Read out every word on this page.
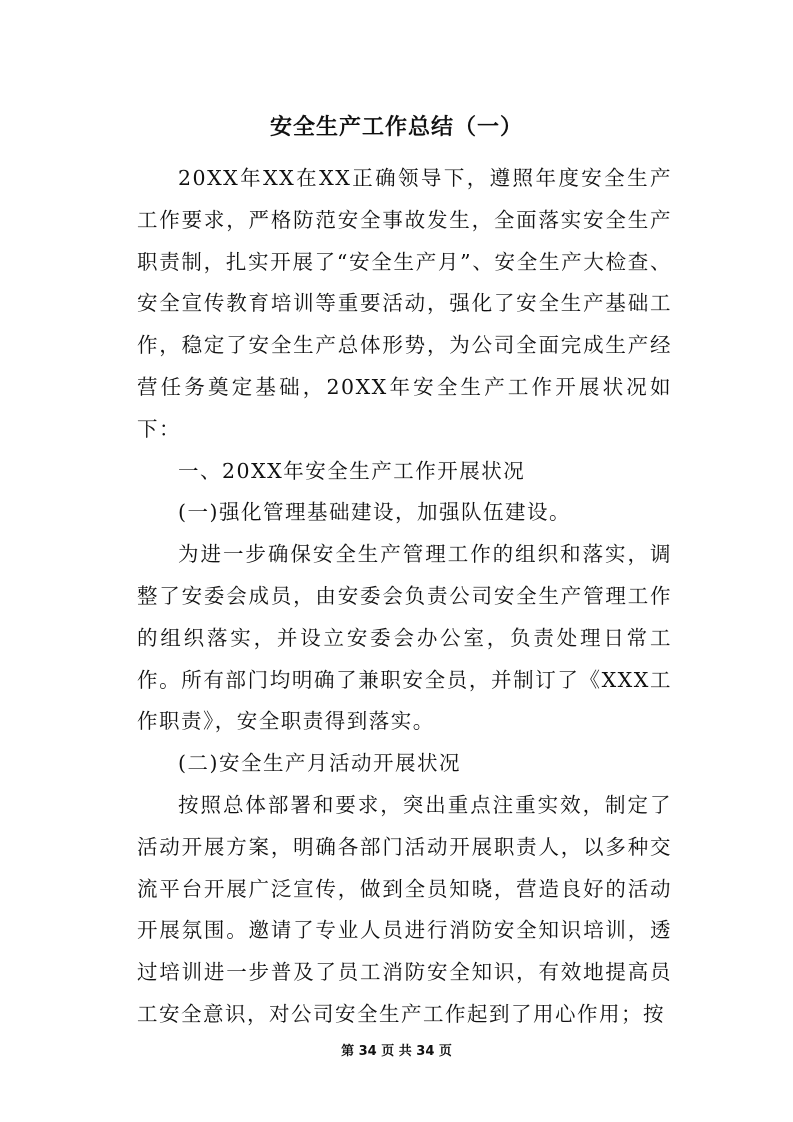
安全生产工作总结（一）

20XX年XX在XX正确领导下，遵照年度安全生产工作要求，严格防范安全事故发生，全面落实安全生产职责制，扎实开展了“安全生产月”、安全生产大检查、安全宣传教育培训等重要活动，强化了安全生产基础工作，稳定了安全生产总体形势，为公司全面完成生产经营任务奠定基础，20XX年安全生产工作开展状况如下：

一、20XX年安全生产工作开展状况

(一)强化管理基础建设，加强队伍建设。

为进一步确保安全生产管理工作的组织和落实，调整了安委会成员，由安委会负责公司安全生产管理工作的组织落实，并设立安委会办公室，负责处理日常工作。所有部门均明确了兼职安全员，并制订了《XXX工作职责》，安全职责得到落实。

(二)安全生产月活动开展状况

按照总体部署和要求，突出重点注重实效，制定了活动开展方案，明确各部门活动开展职责人，以多种交流平台开展广泛宣传，做到全员知晓，营造良好的活动开展氛围。邀请了专业人员进行消防安全知识培训，透过培训进一步普及了员工消防安全知识，有效地提高员工安全意识，对公司安全生产工作起到了用心作用；按

第 34 页 共 34 页
